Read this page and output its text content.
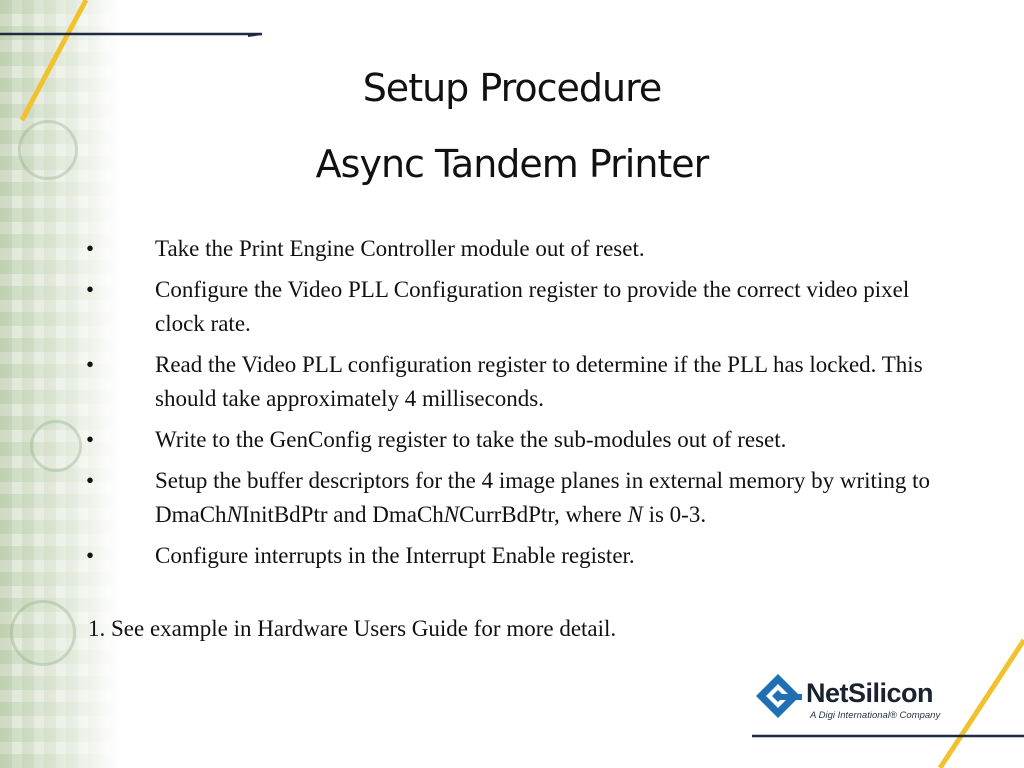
Setup Procedure
Async Tandem Printer
•	Take the Print Engine Controller module out of reset.
•	Configure the Video PLL Configuration register to provide the correct video pixel clock rate.
•	Read the Video PLL configuration register to determine if the PLL has locked. This should take approximately 4 milliseconds.
•	Write to the GenConfig register to take the sub-modules out of reset.
•	Setup the buffer descriptors for the 4 image planes in external memory by writing to DmaChNInitBdPtr and DmaChNCurrBdPtr, where N is 0-3.
•	Configure interrupts in the Interrupt Enable register.
1. See example in Hardware Users Guide for more detail.
NetSilicon
A Digi International® Company
